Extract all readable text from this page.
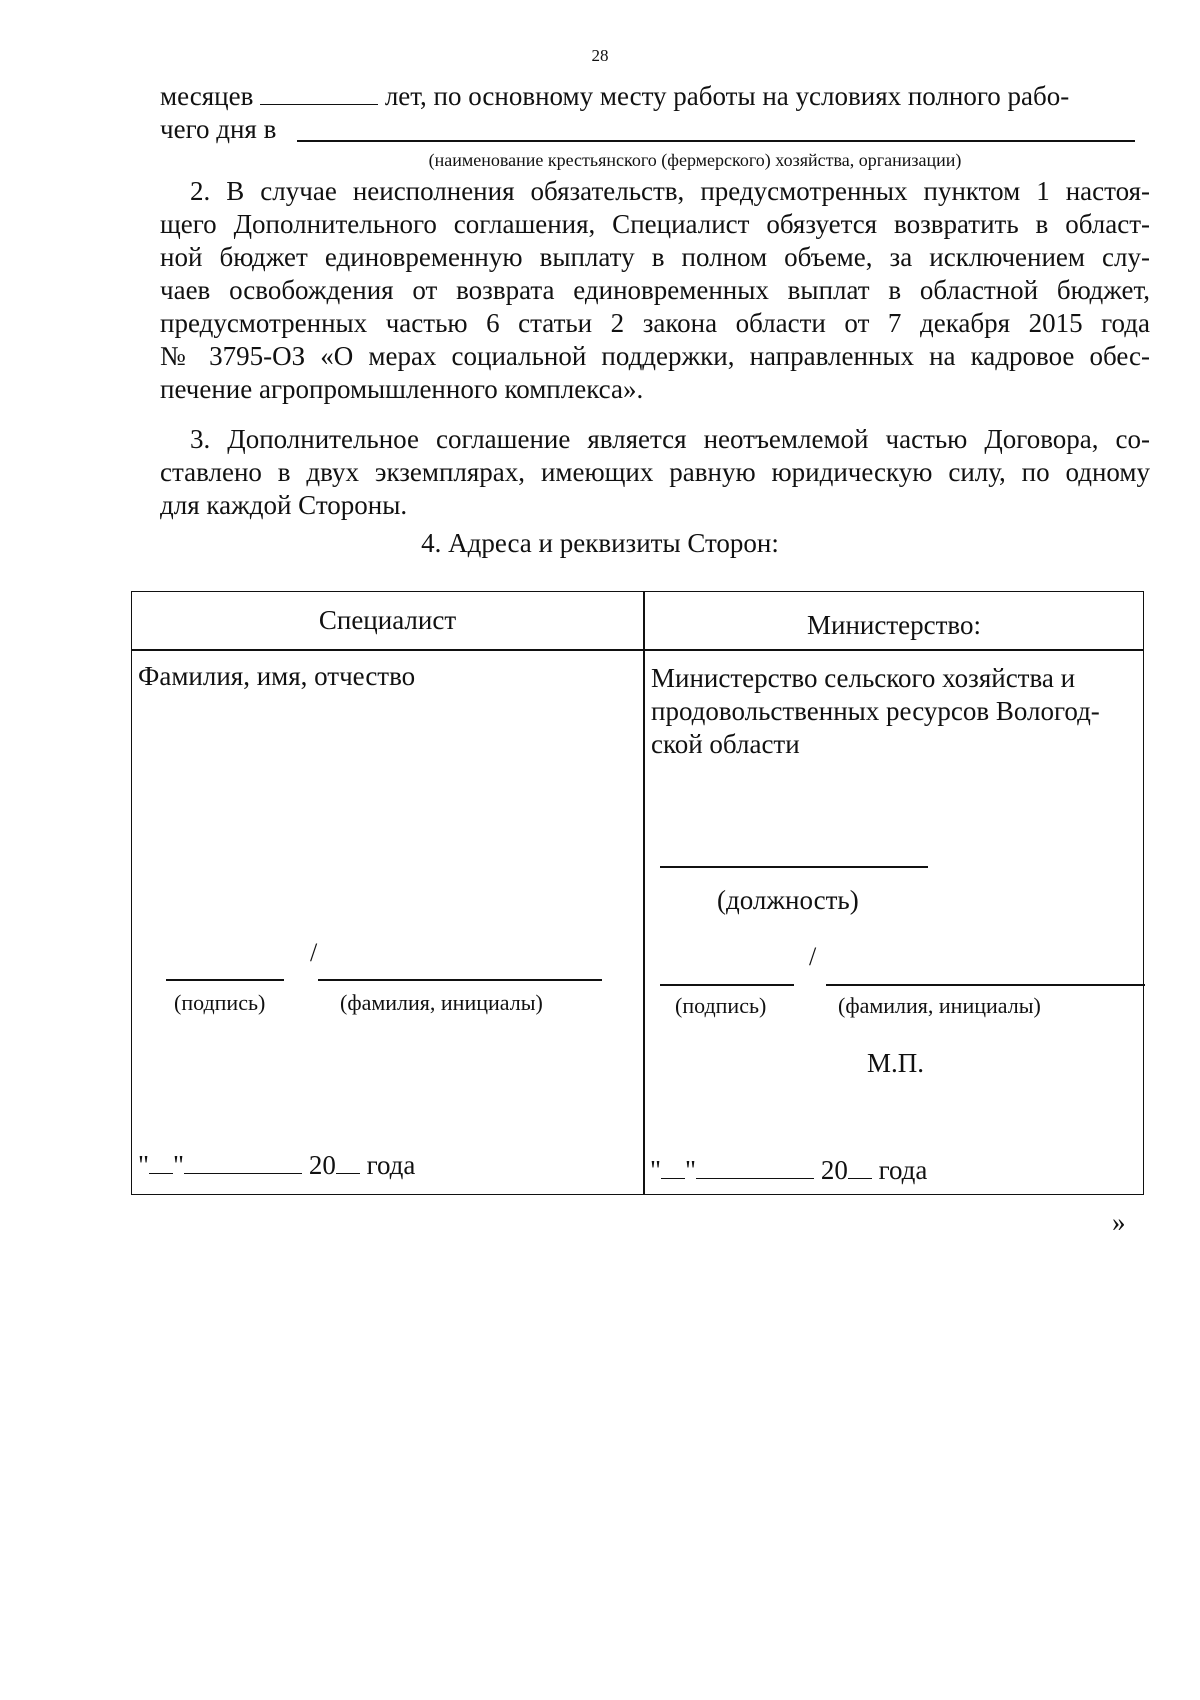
28
месяцев	лет, по основному месту работы на условиях полного рабо-
чего дня в
(наименование крестьянского (фермерского) хозяйства, организации)
2. В случае неисполнения обязательств, предусмотренных пунктом 1 настоя-
щего Дополнительного соглашения, Специалист обязуется возвратить в област-
ной бюджет единовременную выплату в полном объеме, за исключением слу-
чаев освобождения от возврата единовременных выплат в областной бюджет,
предусмотренных частью 6 статьи 2 закона области от 7 декабря 2015 года
№ 3795-ОЗ «О мерах социальной поддержки, направленных на кадровое обес-
печение агропромышленного комплекса».
3. Дополнительное соглашение является неотъемлемой частью Договора, со-
ставлено в двух экземплярах, имеющих равную юридическую силу, по одному
для каждой Стороны.
4. Адреса и реквизиты Сторон:
Специалист	Министерство:
Фамилия, имя, отчество
/
(подпись)	(фамилия, инициалы)
" "	20 года
Министерство сельского хозяйства и
продовольственных ресурсов Вологод-
ской области
(должность)
/
(подпись)	(фамилия, инициалы)
М.П.
" "	20 года
»
